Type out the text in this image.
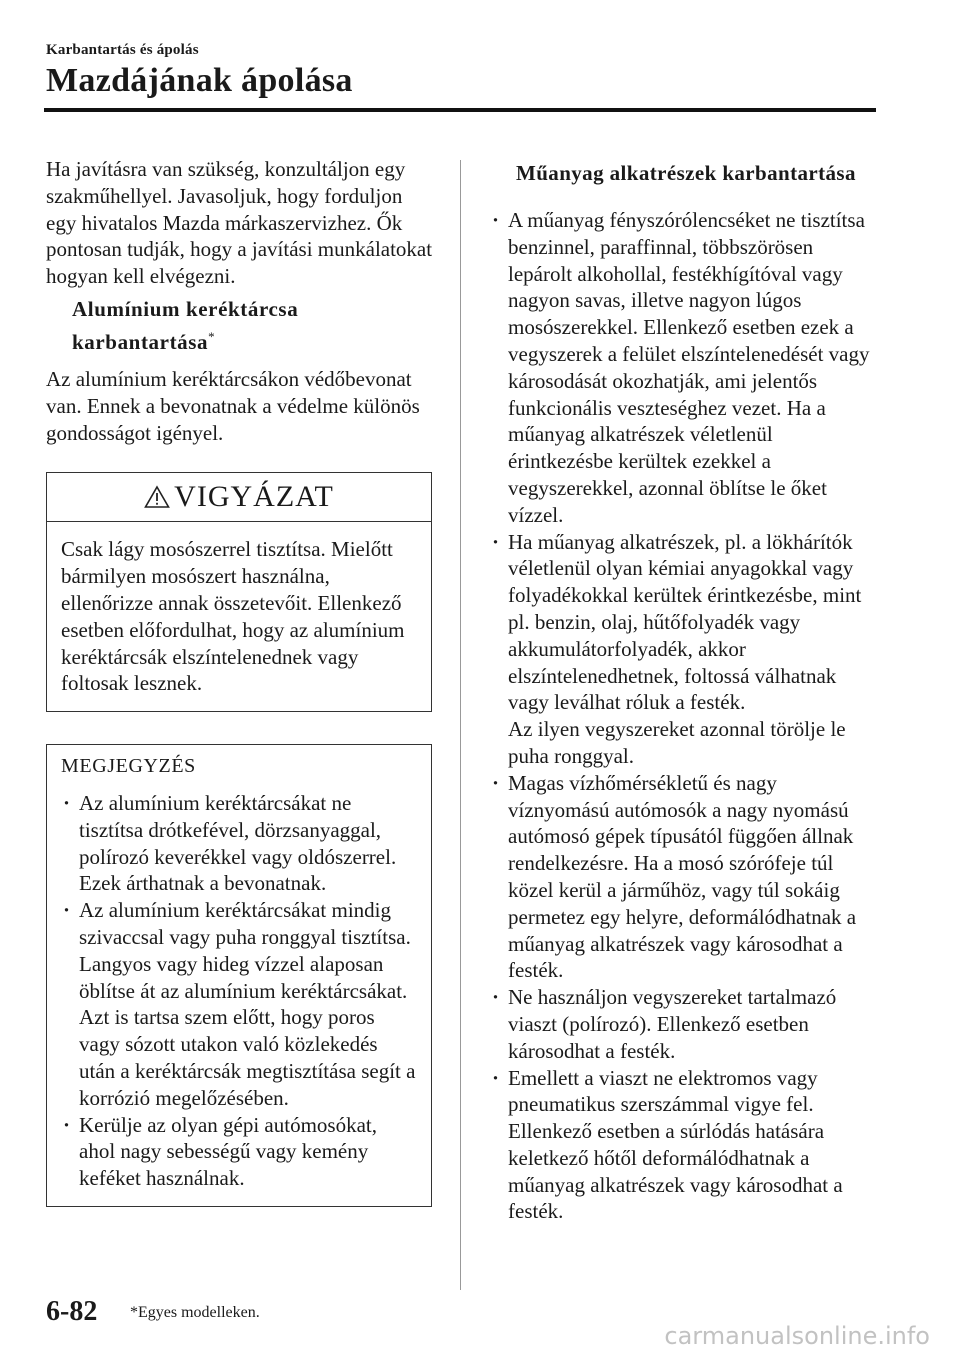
Karbantartás és ápolás
Mazdájának ápolása

Ha javításra van szükség, konzultáljon egy szakműhellyel. Javasoljuk, hogy forduljon egy hivatalos Mazda márkaszervizhez. Ők pontosan tudják, hogy a javítási munkálatokat hogyan kell elvégezni.

Alumínium keréktárcsa
karbantartása*

Az alumínium keréktárcsákon védőbevonat van. Ennek a bevonatnak a védelme különös gondosságot igényel.

VIGYÁZAT

Csak lágy mosószerrel tisztítsa. Mielőtt bármilyen mosószert használna, ellenőrizze annak összetevőit. Ellenkező esetben előfordulhat, hogy az alumínium keréktárcsák elszíntelenednek vagy foltosak lesznek.

MEGJEGYZÉS
· Az alumínium keréktárcsákat ne tisztítsa drótkefével, dörzsanyaggal, polírozó keverékkel vagy oldószerrel. Ezek árthatnak a bevonatnak.
· Az alumínium keréktárcsákat mindig szivaccsal vagy puha ronggyal tisztítsa.
Langyos vagy hideg vízzel alaposan öblítse át az alumínium keréktárcsákat. Azt is tartsa szem előtt, hogy poros vagy sózott utakon való közlekedés után a keréktárcsák megtisztítása segít a korrózió megelőzésében.
· Kerülje az olyan gépi autómosókat, ahol nagy sebességű vagy kemény keféket használnak.
Műanyag alkatrészek karbantartása
· A műanyag fényszórólencséket ne tisztítsa benzinnel, paraffinnal, többszörösen lepárolt alkohollal, festékhígítóval vagy nagyon savas, illetve nagyon lúgos mosószerekkel. Ellenkező esetben ezek a vegyszerek a felület elszíntelenedését vagy károsodását okozhatják, ami jelentős funkcionális veszteséghez vezet. Ha a műanyag alkatrészek véletlenül érintkezésbe kerültek ezekkel a vegyszerekkel, azonnal öblítse le őket vízzel.
· Ha műanyag alkatrészek, pl. a lökhárítók véletlenül olyan kémiai anyagokkal vagy folyadékokkal kerültek érintkezésbe, mint pl. benzin, olaj, hűtőfolyadék vagy akkumulátorfolyadék, akkor elszíntelenedhetnek, foltossá válhatnak vagy leválhat róluk a festék.
Az ilyen vegyszereket azonnal törölje le puha ronggyal.
· Magas vízhőmérsékletű és nagy víznyomású autómosók a nagy nyomású autómosó gépek típusától függően állnak rendelkezésre. Ha a mosó szórófeje túl közel kerül a járműhöz, vagy túl sokáig permetez egy helyre, deformálódhatnak a műanyag alkatrészek vagy károsodhat a festék.
· Ne használjon vegyszereket tartalmazó viaszt (polírozó). Ellenkező esetben károsodhat a festék.
· Emellett a viaszt ne elektromos vagy pneumatikus szerszámmal vigye fel. Ellenkező esetben a súrlódás hatására keletkező hőtől deformálódhatnak a műanyag alkatrészek vagy károsodhat a festék.
6-82 *Egyes modelleken.
carmanualsonline.info
